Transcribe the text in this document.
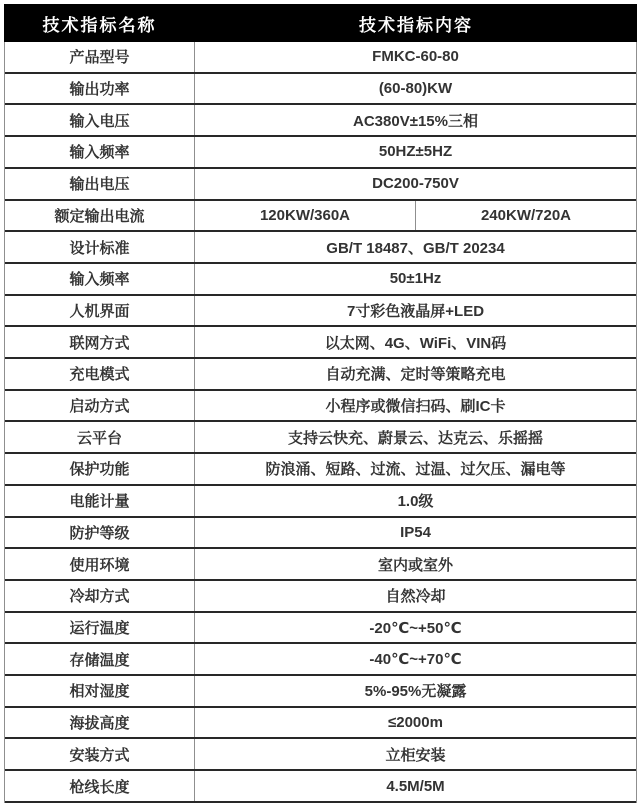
技术指标名称	技术指标内容
产品型号	FMKC-60-80
输出功率	(60-80)KW
输入电压	AC380V±15%三相
输入频率	50HZ±5HZ
输出电压	DC200-750V
额定输出电流	120KW/360A	240KW/720A
设计标准	GB/T 18487、GB/T 20234
输入频率	50±1Hz
人机界面	7寸彩色液晶屏+LED
联网方式	以太网、4G、WiFi、VIN码
充电模式	自动充满、定时等策略充电
启动方式	小程序或微信扫码、刷IC卡
云平台	支持云快充、蔚景云、达克云、乐摇摇
保护功能	防浪涌、短路、过流、过温、过欠压、漏电等
电能计量	1.0级
防护等级	IP54
使用环境	室内或室外
冷却方式	自然冷却
运行温度	-20℃~+50℃
存储温度	-40℃~+70℃
相对湿度	5%-95%无凝露
海拔高度	≤2000m
安装方式	立柜安装
枪线长度	4.5M/5M
